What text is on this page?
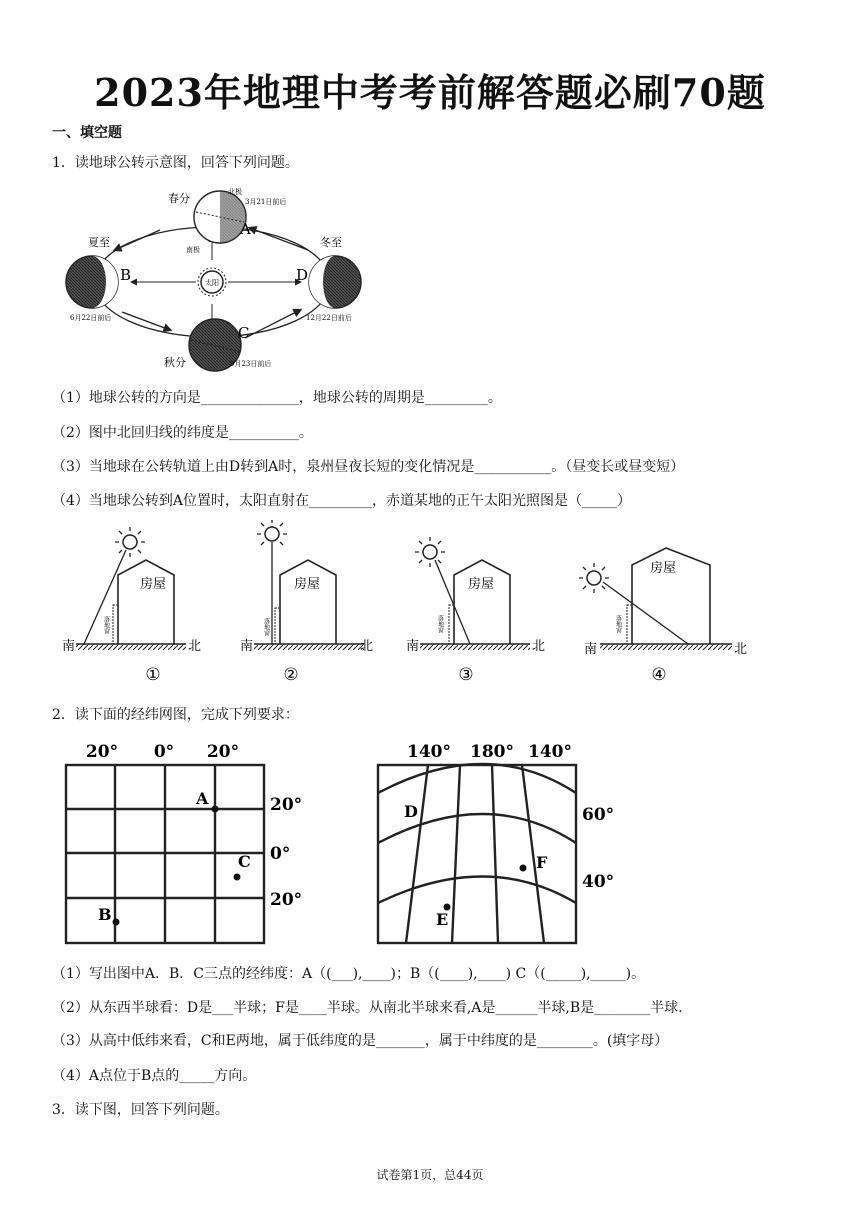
2023年地理中考考前解答题必刷70题
一、填空题
1．读地球公转示意图，回答下列问题。
太阳
春分	北极
3月21日前后
南极
A
夏至
B
6月22日前后
冬至
D
12月22日前后
C
秋分	9月23日前后
（1）地球公转的方向是______________，地球公转的周期是_________。
（2）图中北回归线的纬度是__________。
（3）当地球在公转轨道上由D转到A时，泉州昼夜长短的变化情况是___________。（昼变长或昼变短）
（4）当地球公转到A位置时，太阳直射在_________，赤道某地的正午太阳光照图是（_____）
房屋
落地窗
南	北
①
房屋
落地窗
南	北
②
房屋
落地窗
南	北
③
房屋
落地窗
南	北
④
2．读下面的经纬网图，完成下列要求：
20° 0° 20°
20°
0°
20°
A
B
C
140° 180° 140°
60°
40°
D
E
F
（1）写出图中A．B．C三点的经纬度：A（(___),____)；B（(____),____) C（(_____),_____)。
（2）从东西半球看：D是___半球；F是____半球。从南北半球来看,A是______半球,B是________半球.
（3）从高中低纬来看，C和E两地，属于低纬度的是_______，属于中纬度的是________。(填字母）
（4）A点位于B点的_____方向。
3．读下图，回答下列问题。
试卷第1页，总44页
